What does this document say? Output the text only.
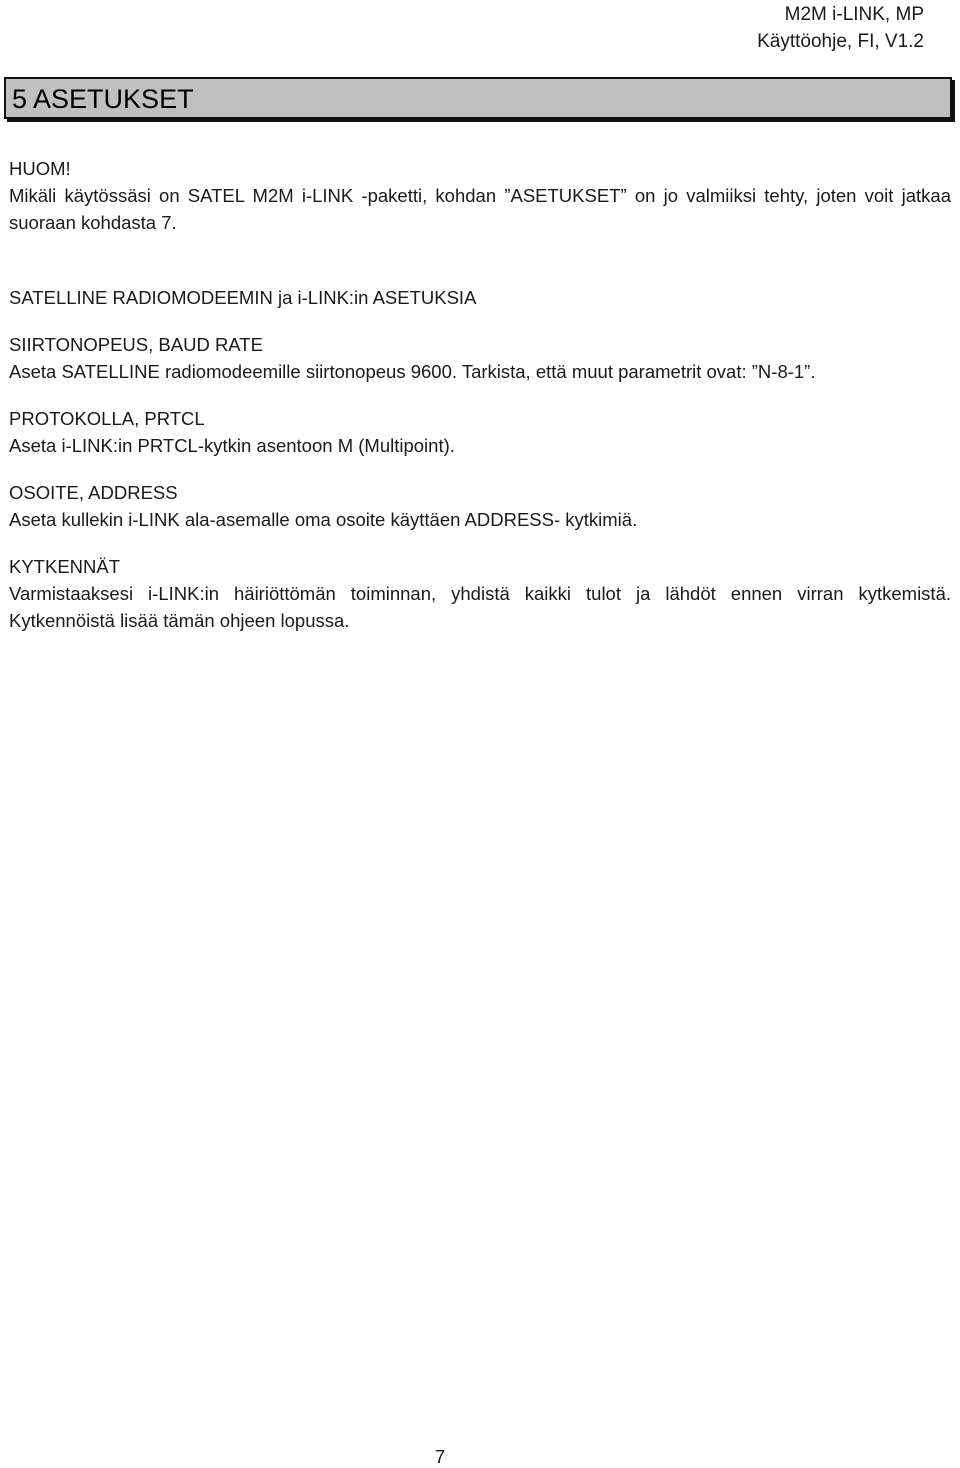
M2M i-LINK, MP
Käyttöohje, FI, V1.2
5 ASETUKSET

HUOM!

Mikäli käytössäsi on SATEL M2M i-LINK -paketti, kohdan ”ASETUKSET” on jo valmiiksi tehty, joten voit jatkaa suoraan kohdasta 7.

SATELLINE RADIOMODEEMIN ja i-LINK:in ASETUKSIA

SIIRTONOPEUS, BAUD RATE

Aseta SATELLINE radiomodeemille siirtonopeus 9600. Tarkista, että muut parametrit ovat: ”N-8-1”.

PROTOKOLLA, PRTCL

Aseta i-LINK:in PRTCL-kytkin asentoon M (Multipoint).

OSOITE, ADDRESS

Aseta kullekin i-LINK ala-asemalle oma osoite käyttäen ADDRESS- kytkimiä.

KYTKENNÄT

Varmistaaksesi i-LINK:in häiriöttömän toiminnan, yhdistä kaikki tulot ja lähdöt ennen virran kytkemistä. Kytkennöistä lisää tämän ohjeen lopussa.

7
